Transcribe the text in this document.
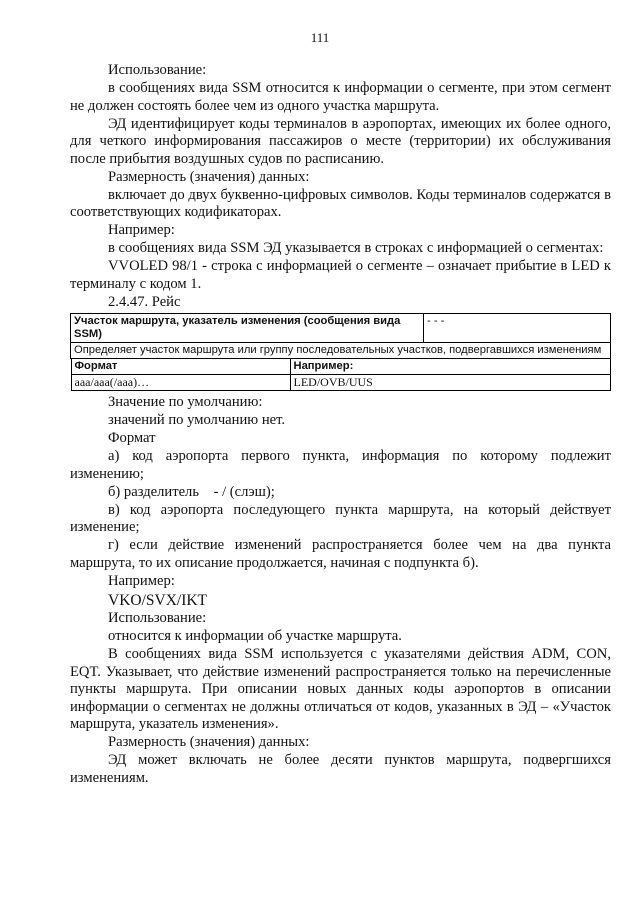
111

Использование:

в сообщениях вида SSM относится к информации о сегменте, при этом сегмент не должен состоять более чем из одного участка маршрута.

ЭД идентифицирует коды терминалов в аэропортах, имеющих их более одного, для четкого информирования пассажиров о месте (территории) их обслуживания после прибытия воздушных судов по расписанию.

Размерность (значения) данных:

включает до двух буквенно-цифровых символов. Коды терминалов содержатся в соответствующих кодификаторах.

Например:

в сообщениях вида SSM ЭД указывается в строках с информацией о сегментах:

VVOLED 98/1 - строка с информацией о сегменте – означает прибытие в LED к терминалу с кодом 1.

2.4.47. Рейс

Участок маршрута, указатель изменения (сообщения вида SSM)	- - -
Определяет участок маршрута или группу последовательных участков, подвергавшихся изменениям

Формат	Например:
aaa/aaa(/aaa)…	LED/OVB/UUS

Значение по умолчанию:

значений по умолчанию нет.

Формат

а) код аэропорта первого пункта, информация по которому подлежит изменению;

б) разделитель    - / (слэш);

в) код аэропорта последующего пункта маршрута, на который действует изменение;

г) если действие изменений распространяется более чем на два пункта маршрута, то их описание продолжается, начиная с подпункта б).

Например:

VKO/SVX/IKT

Использование:

относится к информации об участке маршрута.

В сообщениях вида SSM используется с указателями действия ADM, CON, EQT. Указывает, что действие изменений распространяется только на перечисленные пункты маршрута. При описании новых данных коды аэропортов в описании информации о сегментах не должны отличаться от кодов, указанных в ЭД – «Участок маршрута, указатель изменения».

Размерность (значения) данных:

ЭД может включать не более десяти пунктов маршрута, подвергшихся изменениям.
